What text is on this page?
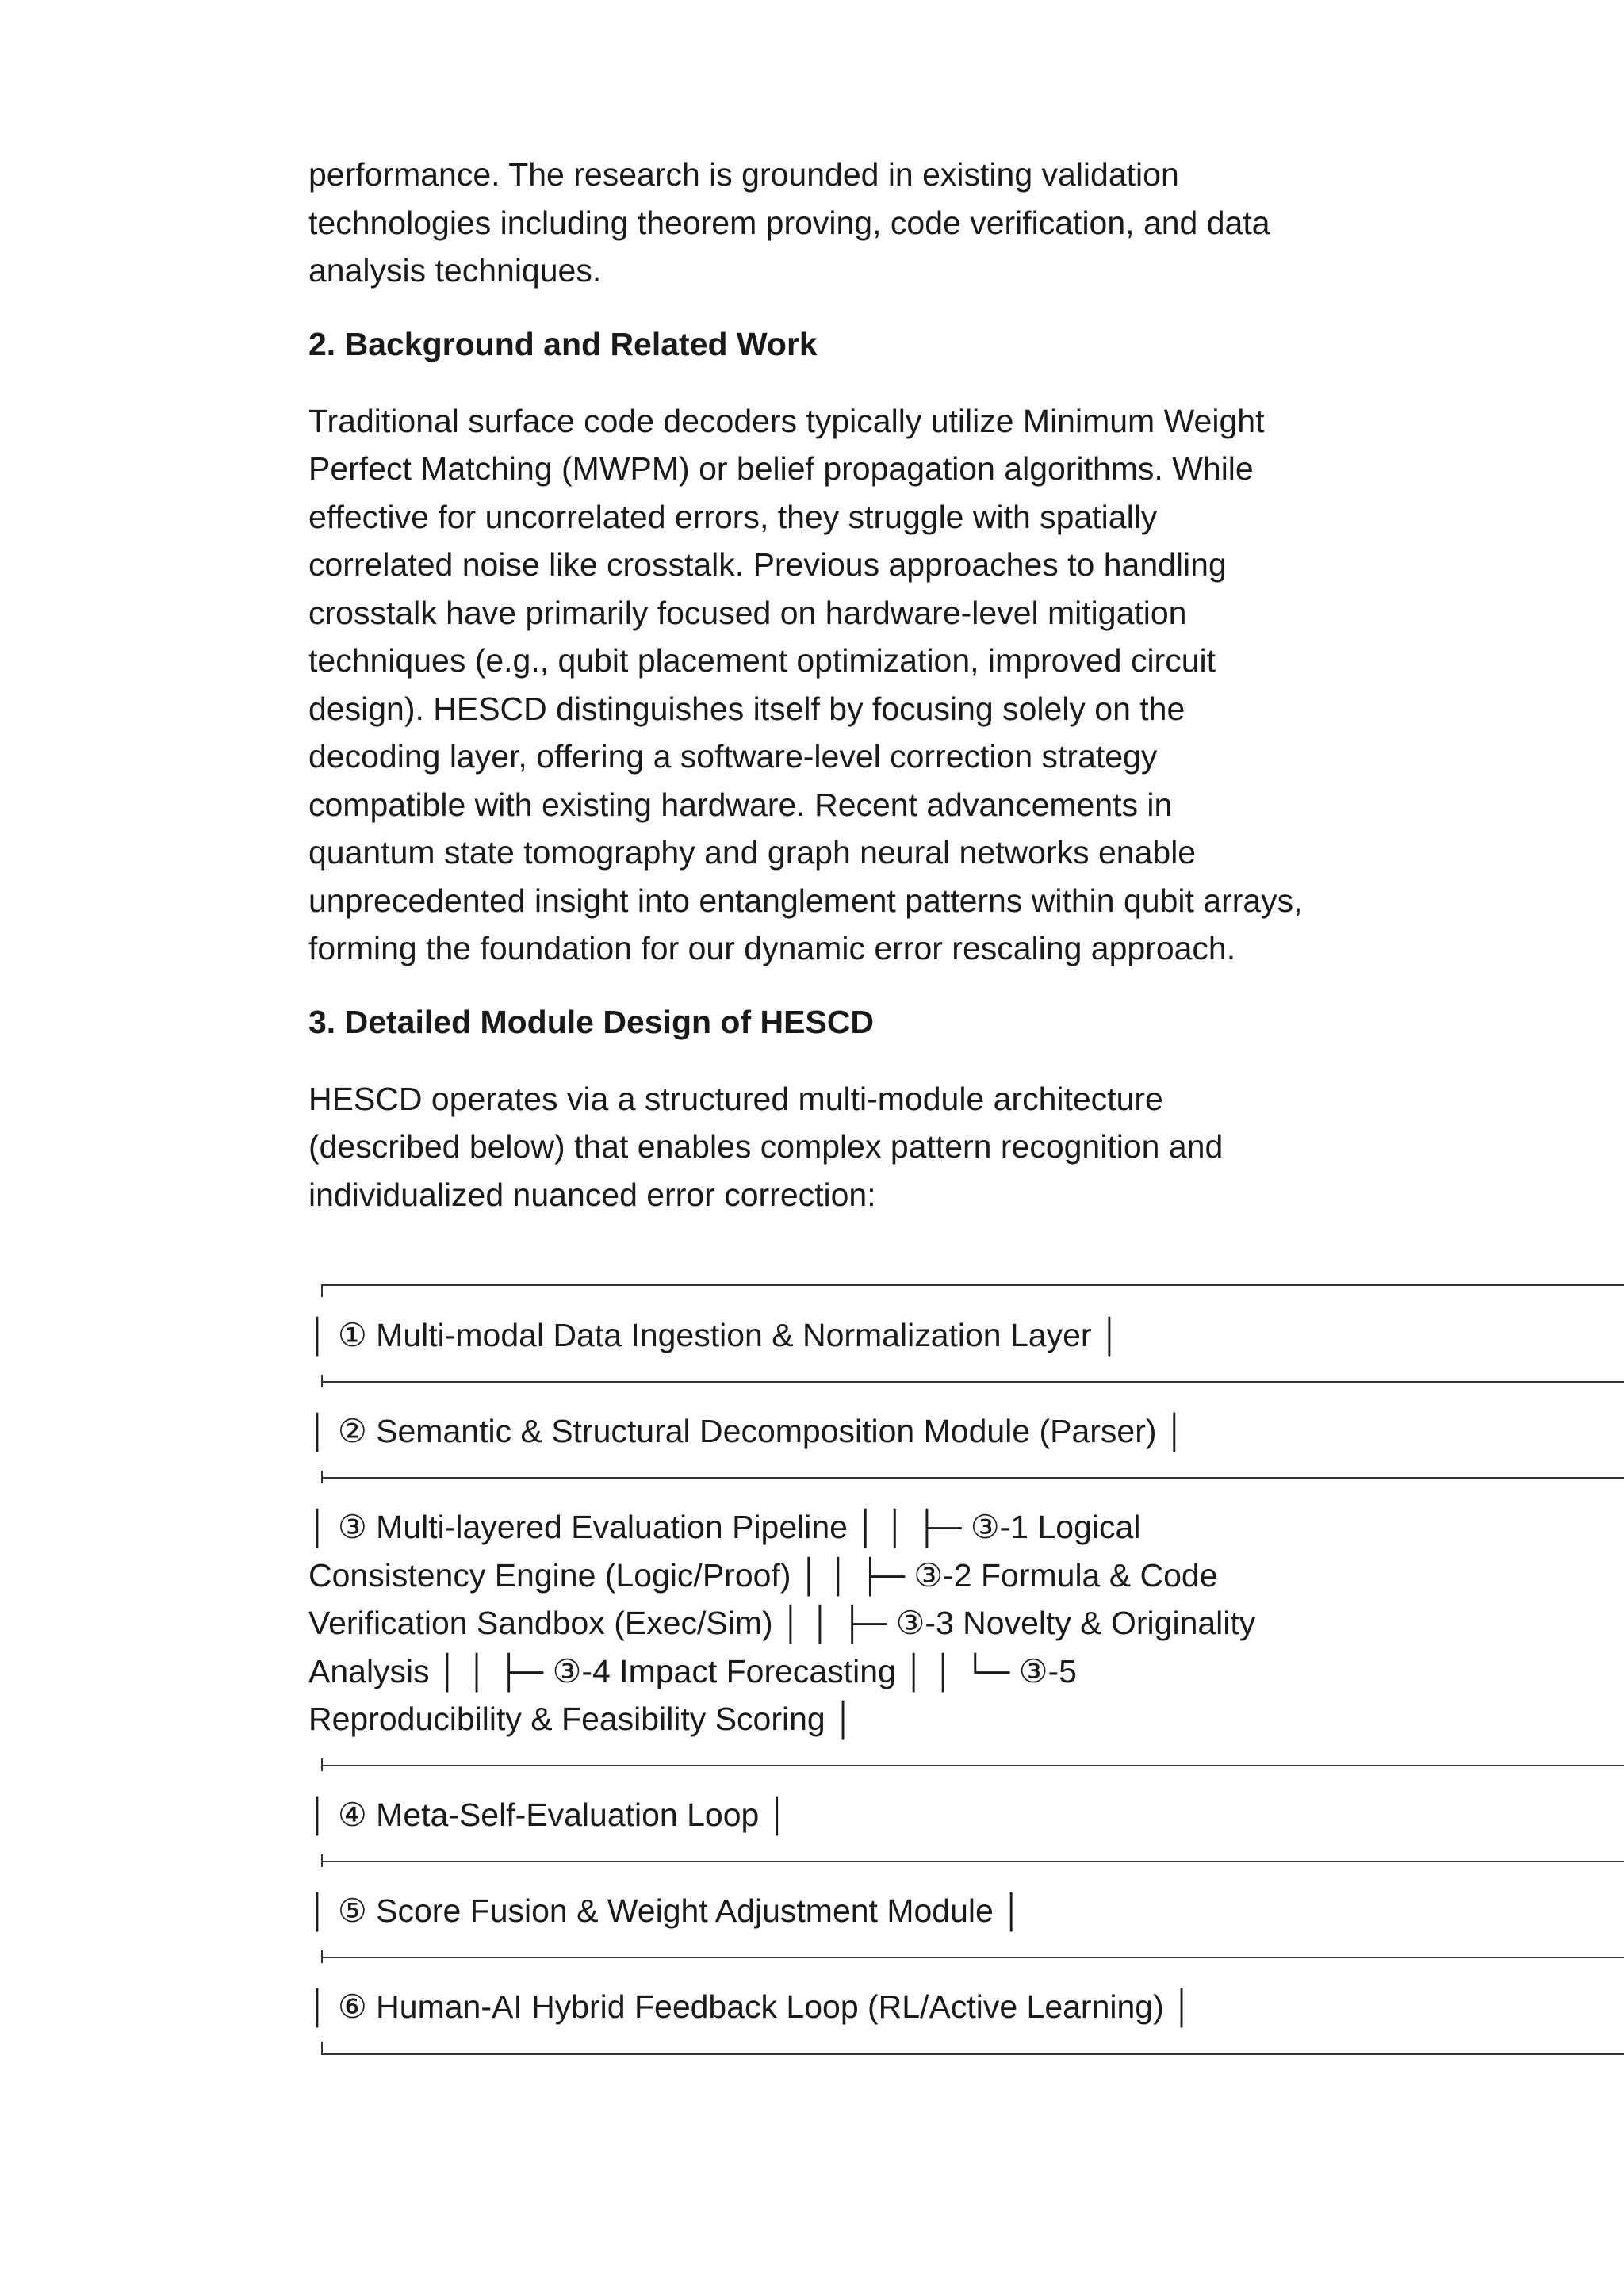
performance. The research is grounded in existing validation technologies including theorem proving, code verification, and data analysis techniques.

2. Background and Related Work

Traditional surface code decoders typically utilize Minimum Weight Perfect Matching (MWPM) or belief propagation algorithms. While effective for uncorrelated errors, they struggle with spatially correlated noise like crosstalk. Previous approaches to handling crosstalk have primarily focused on hardware-level mitigation techniques (e.g., qubit placement optimization, improved circuit design). HESCD distinguishes itself by focusing solely on the decoding layer, offering a software-level correction strategy compatible with existing hardware. Recent advancements in quantum state tomography and graph neural networks enable unprecedented insight into entanglement patterns within qubit arrays, forming the foundation for our dynamic error rescaling approach.

3. Detailed Module Design of HESCD

HESCD operates via a structured multi-module architecture (described below) that enables complex pattern recognition and individualized nuanced error correction:

│ ① Multi-modal Data Ingestion & Normalization Layer │
│ ② Semantic & Structural Decomposition Module (Parser) │
│ ③ Multi-layered Evaluation Pipeline │ │ ├─ ③-1 Logical Consistency Engine (Logic/Proof) │ │ ├─ ③-2 Formula & Code Verification Sandbox (Exec/Sim) │ │ ├─ ③-3 Novelty & Originality Analysis │ │ ├─ ③-4 Impact Forecasting │ │ └─ ③-5 Reproducibility & Feasibility Scoring │
│ ④ Meta-Self-Evaluation Loop │
│ ⑤ Score Fusion & Weight Adjustment Module │
│ ⑥ Human-AI Hybrid Feedback Loop (RL/Active Learning) │
